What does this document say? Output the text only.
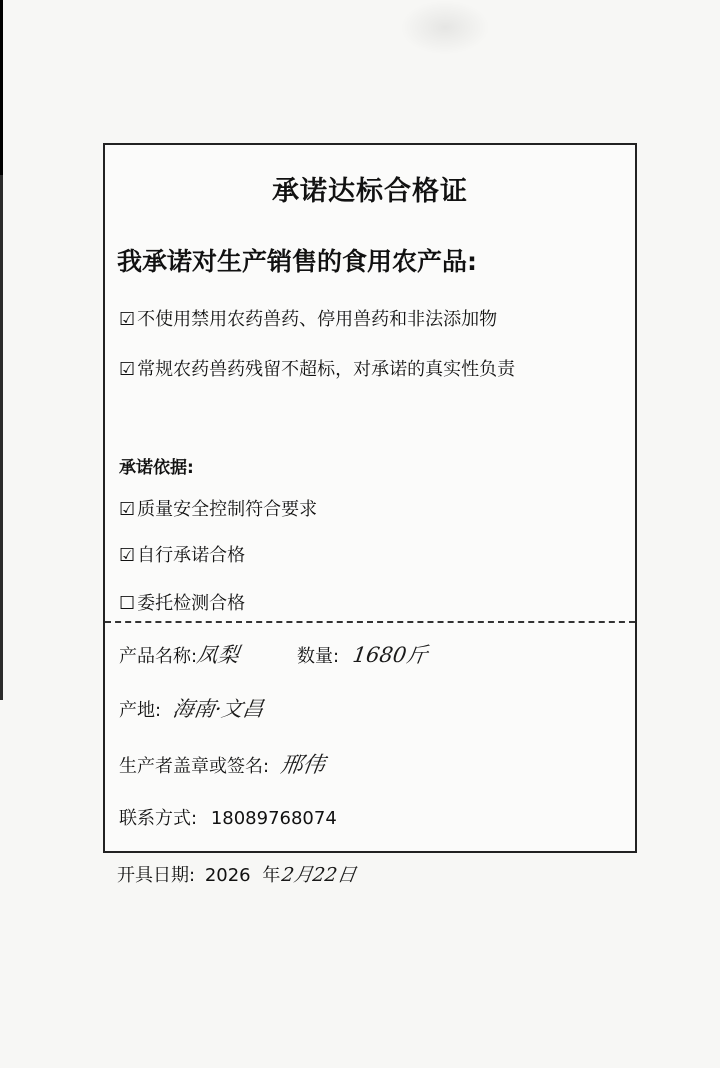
承诺达标合格证
我承诺对生产销售的食用农产品:
☑ 不使用禁用农药兽药、停用兽药和非法添加物
☑ 常规农药兽药残留不超标，对承诺的真实性负责
承诺依据:
☑ 质量安全控制符合要求
☑ 自行承诺合格
☐ 委托检测合格
产品名称:凤梨	数量: 1680斤
产地: 海南·文昌
生产者盖章或签名: 邢伟
联系方式: 18089768074
开具日期: 2026 年2月22日
